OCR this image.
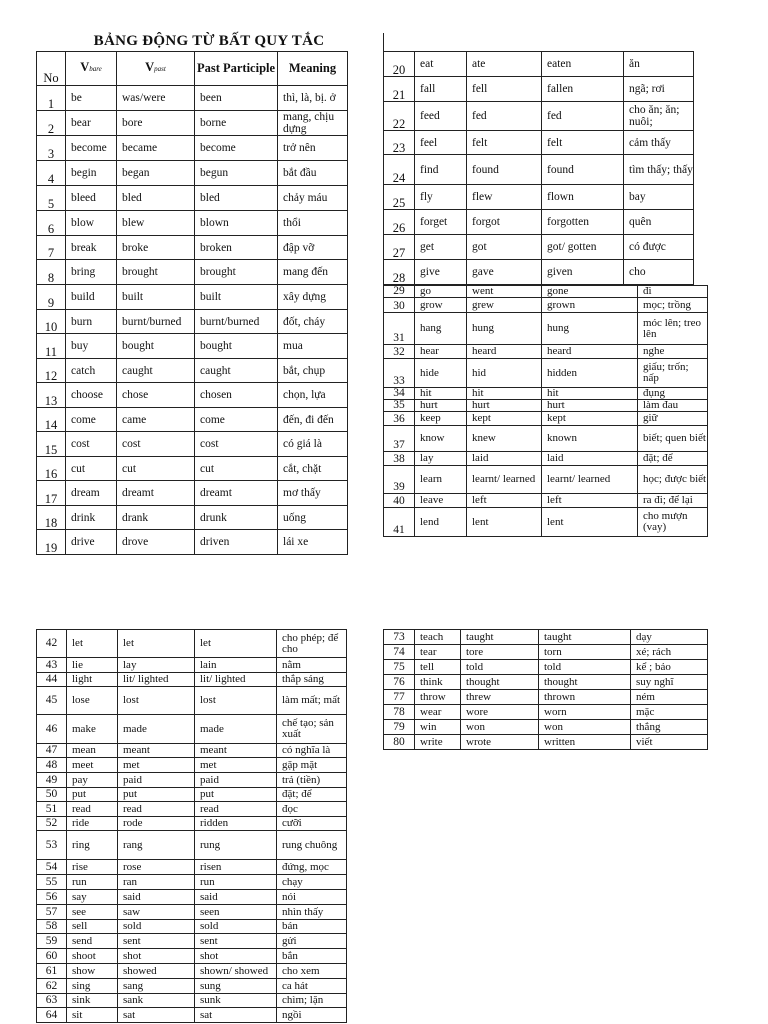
BẢNG ĐỘNG TỪ BẤT QUY TẮC
No	Vbare	Vpast	Past Participle	Meaning
1	be	was/were	been	thì, là, bị. ở
2	bear	bore	borne	mang, chịu dựng
3	become	became	become	trở nên
4	begin	began	begun	bắt đầu
5	bleed	bled	bled	chảy máu
6	blow	blew	blown	thổi
7	break	broke	broken	đập vỡ
8	bring	brought	brought	mang đến
9	build	built	built	xây dựng
10	burn	burnt/burned	burnt/burned	đốt, cháy
11	buy	bought	bought	mua
12	catch	caught	caught	bắt, chụp
13	choose	chose	chosen	chọn, lựa
14	come	came	come	đến, đi đến
15	cost	cost	cost	có giá là
16	cut	cut	cut	cắt, chặt
17	dream	dreamt	dreamt	mơ thấy
18	drink	drank	drunk	uống
19	drive	drove	driven	lái xe
20	eat	ate	eaten	ăn
21	fall	fell	fallen	ngã; rơi
22	feed	fed	fed	cho ăn; ăn; nuôi;
23	feel	felt	felt	cảm thấy
24	find	found	found	tìm thấy; thấy
25	fly	flew	flown	bay
26	forget	forgot	forgotten	quên
27	get	got	got/ gotten	có được
28	give	gave	given	cho
29	go	went	gone	đi
30	grow	grew	grown	mọc; trồng
31	hang	hung	hung	móc lên; treo lên
32	hear	heard	heard	nghe
33	hide	hid	hidden	giấu; trốn; nấp
34	hit	hit	hit	đụng
35	hurt	hurt	hurt	làm đau
36	keep	kept	kept	giữ
37	know	knew	known	biết; quen biết
38	lay	laid	laid	đặt; để
39	learn	learnt/ learned	learnt/ learned	học; được biết
40	leave	left	left	ra đi; để lại
41	lend	lent	lent	cho mượn (vay)
42	let	let	let	cho phép; để cho
43	lie	lay	lain	nằm
44	light	lit/ lighted	lit/ lighted	thắp sáng
45	lose	lost	lost	làm mất; mất
46	make	made	made	chế tạo; sản xuất
47	mean	meant	meant	có nghĩa là
48	meet	met	met	gặp mặt
49	pay	paid	paid	trả (tiền)
50	put	put	put	đặt; để
51	read	read	read	đọc
52	ride	rode	ridden	cưỡi
53	ring	rang	rung	rung chuông
54	rise	rose	risen	đứng, mọc
55	run	ran	run	chạy
56	say	said	said	nói
57	see	saw	seen	nhìn thấy
58	sell	sold	sold	bán
59	send	sent	sent	gửi
60	shoot	shot	shot	bắn
61	show	showed	shown/ showed	cho xem
62	sing	sang	sung	ca hát
63	sink	sank	sunk	chìm; lặn
64	sit	sat	sat	ngồi
73	teach	taught	taught	dạy
74	tear	tore	torn	xé; rách
75	tell	told	told	kể ; bảo
76	think	thought	thought	suy nghĩ
77	throw	threw	thrown	ném
78	wear	wore	worn	mặc
79	win	won	won	thắng
80	write	wrote	written	viết
